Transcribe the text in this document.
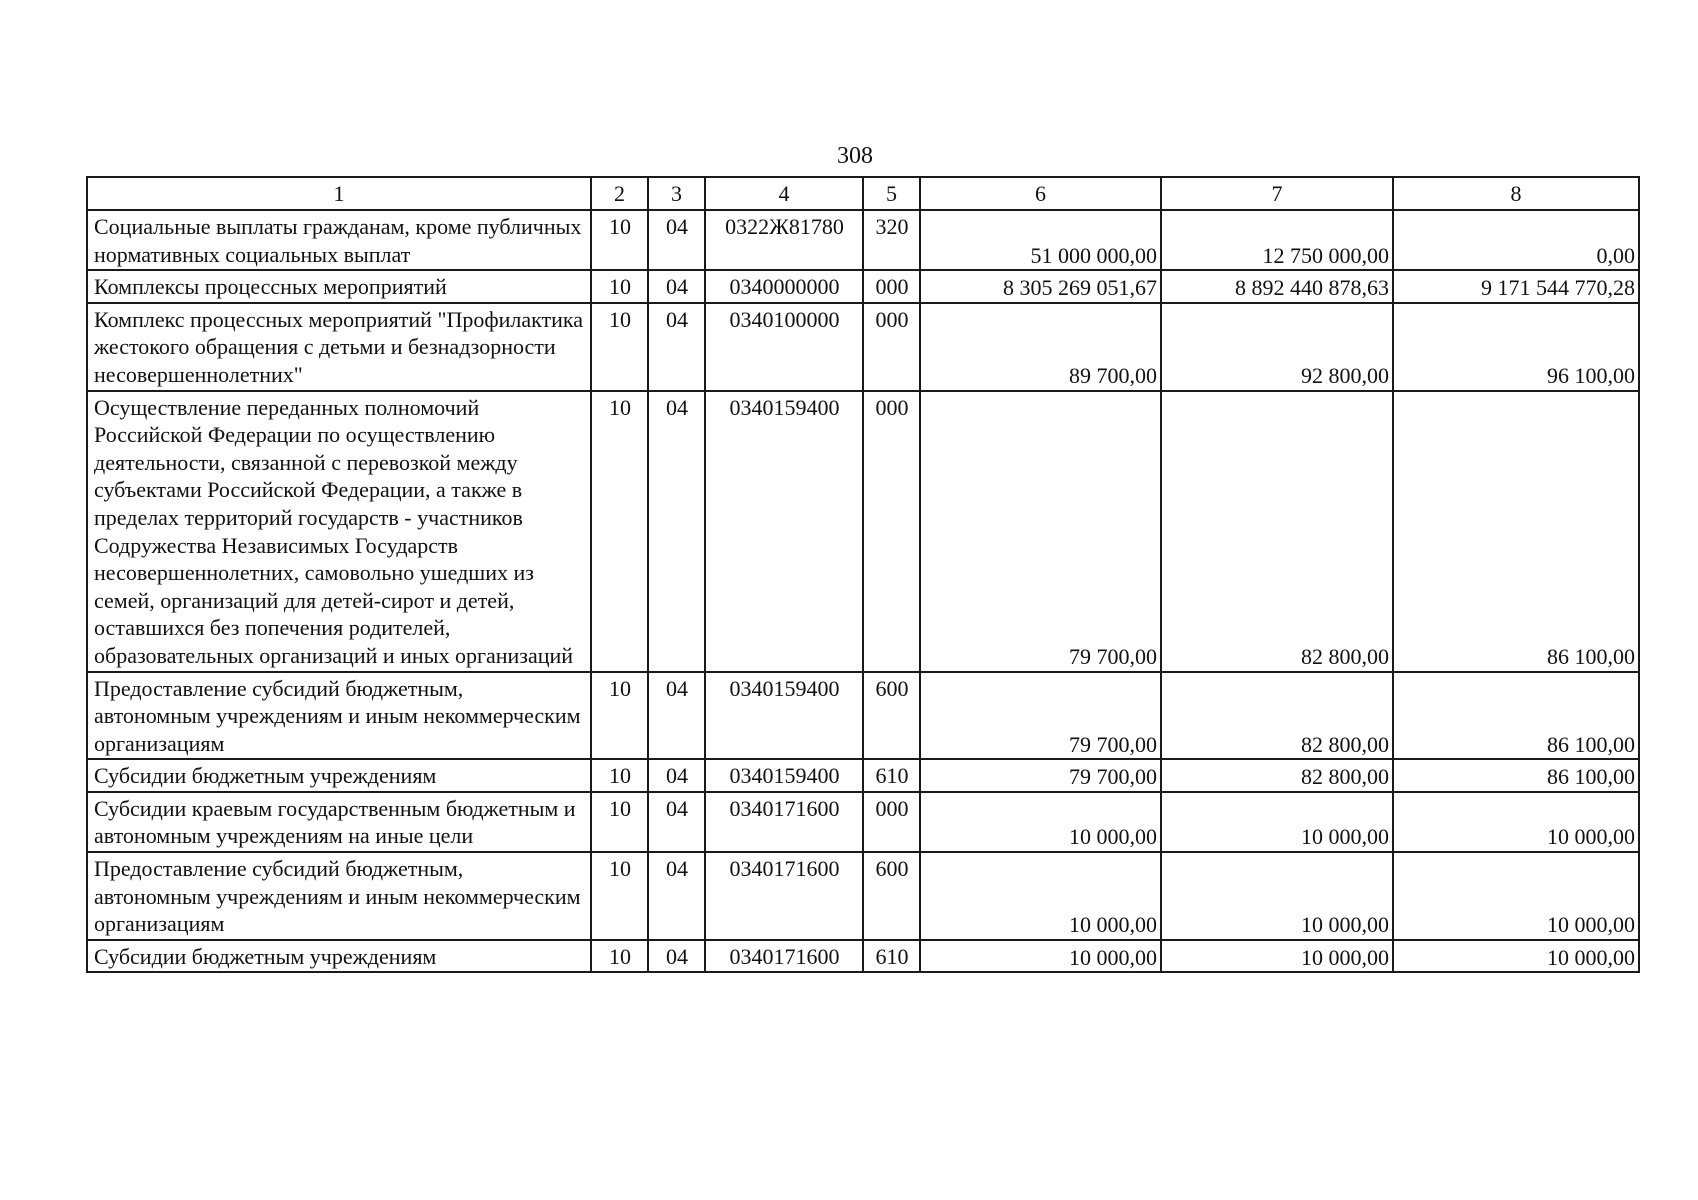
308
1	2	3	4	5	6	7	8
Социальные выплаты гражданам, кроме публичных нормативных социальных выплат	10	04	0322Ж81780	320	51 000 000,00	12 750 000,00	0,00
Комплексы процессных мероприятий	10	04	0340000000	000	8 305 269 051,67	8 892 440 878,63	9 171 544 770,28
Комплекс процессных мероприятий "Профилактика жестокого обращения с детьми и безнадзорности несовершеннолетних"	10	04	0340100000	000	89 700,00	92 800,00	96 100,00
Осуществление переданных полномочий Российской Федерации по осуществлению деятельности, связанной с перевозкой между субъектами Российской Федерации, а также в пределах территорий государств - участников Содружества Независимых Государств несовершеннолетних, самовольно ушедших из семей, организаций для детей-сирот и детей, оставшихся без попечения родителей, образовательных организаций и иных организаций	10	04	0340159400	000	79 700,00	82 800,00	86 100,00
Предоставление субсидий бюджетным, автономным учреждениям и иным некоммерческим организациям	10	04	0340159400	600	79 700,00	82 800,00	86 100,00
Субсидии бюджетным учреждениям	10	04	0340159400	610	79 700,00	82 800,00	86 100,00
Субсидии краевым государственным бюджетным и автономным учреждениям на иные цели	10	04	0340171600	000	10 000,00	10 000,00	10 000,00
Предоставление субсидий бюджетным, автономным учреждениям и иным некоммерческим организациям	10	04	0340171600	600	10 000,00	10 000,00	10 000,00
Субсидии бюджетным учреждениям	10	04	0340171600	610	10 000,00	10 000,00	10 000,00
